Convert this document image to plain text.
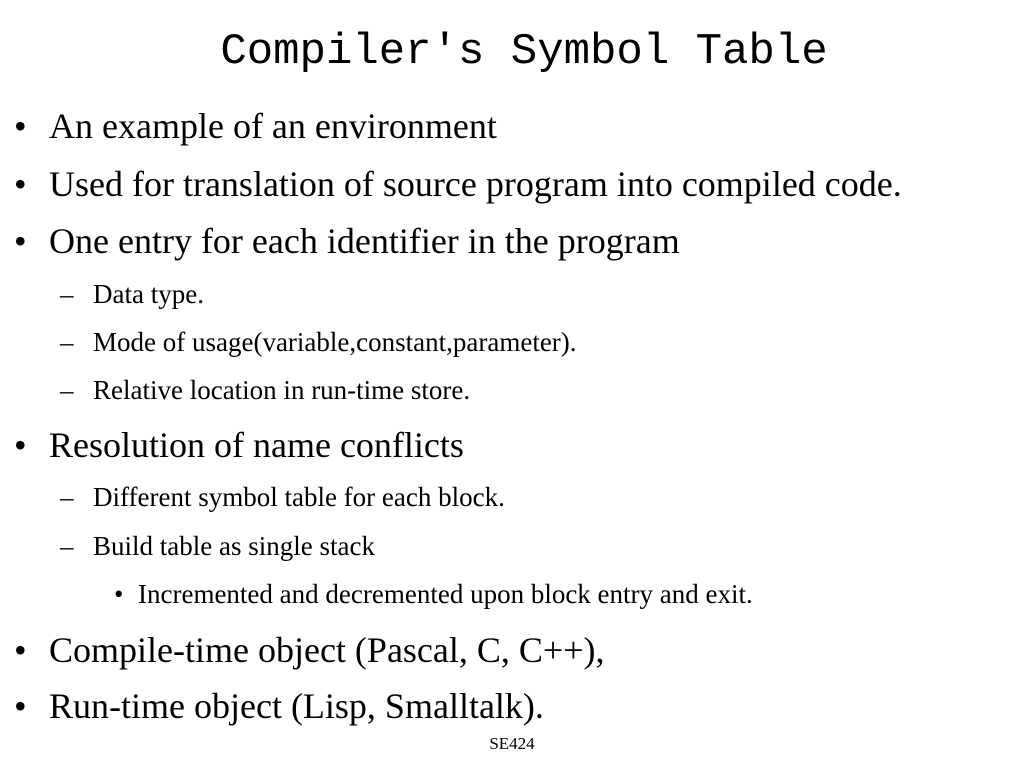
Compiler's Symbol Table
• An example of an environment
• Used for translation of source program into compiled code.
• One entry for each identifier in the program
– Data type.
– Mode of usage(variable,constant,parameter).
– Relative location in run-time store.
• Resolution of name conflicts
– Different symbol table for each block.
– Build table as single stack
• Incremented and decremented upon block entry and exit.
• Compile-time object (Pascal, C, C++),
• Run-time object (Lisp, Smalltalk).
SE424
